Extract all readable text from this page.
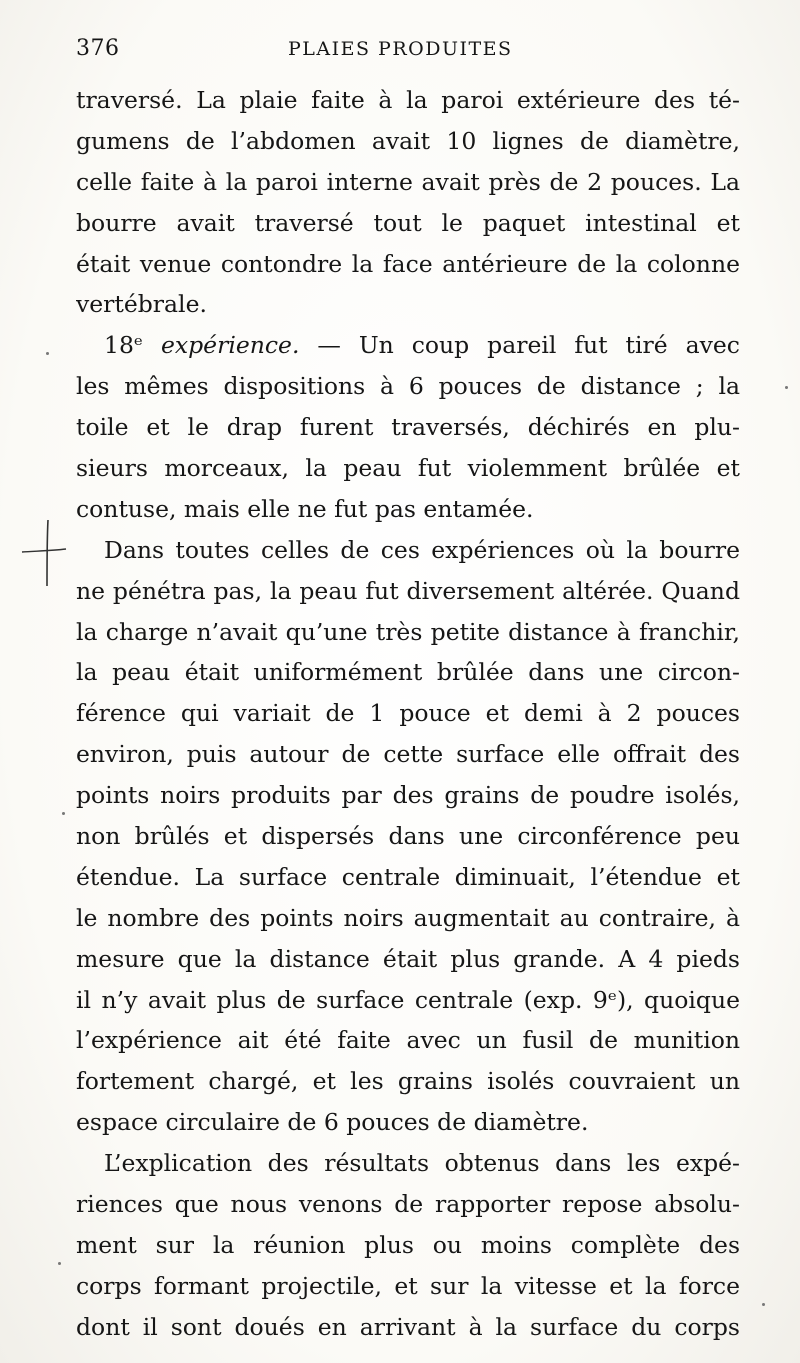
376	PLAIES PRODUITES
traversé. La plaie faite à la paroi extérieure des té-
gumens de l’abdomen avait 10 lignes de diamètre,
celle faite à la paroi interne avait près de 2 pouces. La
bourre avait traversé tout le paquet intestinal et
était venue contondre la face antérieure de la colonne
vertébrale.
18ᵉ expérience. — Un coup pareil fut tiré avec
les mêmes dispositions à 6 pouces de distance ; la
toile et le drap furent traversés, déchirés en plu-
sieurs morceaux, la peau fut violemment brûlée et
contuse, mais elle ne fut pas entamée.
Dans toutes celles de ces expériences où la bourre
ne pénétra pas, la peau fut diversement altérée. Quand
la charge n’avait qu’une très petite distance à franchir,
la peau était uniformément brûlée dans une circon-
férence qui variait de 1 pouce et demi à 2 pouces
environ, puis autour de cette surface elle offrait des
points noirs produits par des grains de poudre isolés,
non brûlés et dispersés dans une circonférence peu
étendue. La surface centrale diminuait, l’étendue et
le nombre des points noirs augmentait au contraire, à
mesure que la distance était plus grande. A 4 pieds
il n’y avait plus de surface centrale (exp. 9ᵉ), quoique
l’expérience ait été faite avec un fusil de munition
fortement chargé, et les grains isolés couvraient un
espace circulaire de 6 pouces de diamètre.
L’explication des résultats obtenus dans les expé-
riences que nous venons de rapporter repose absolu-
ment sur la réunion plus ou moins complète des
corps formant projectile, et sur la vitesse et la force
dont il sont doués en arrivant à la surface du corps
